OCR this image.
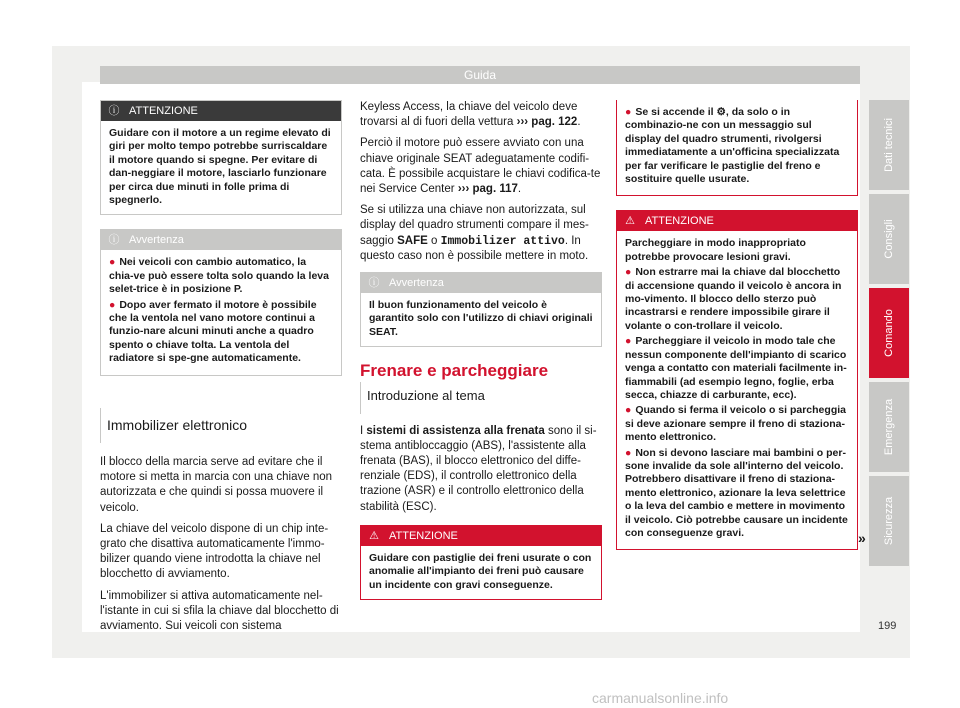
Guida
ⓘ ATTENZIONE
Guidare con il motore a un regime elevato di giri per molto tempo potrebbe surriscaldare il motore quando si spegne. Per evitare di dan-neggiare il motore, lasciarlo funzionare per circa due minuti in folle prima di spegnerlo.
ⓘ Avvertenza
● Nei veicoli con cambio automatico, la chia-ve può essere tolta solo quando la leva selet-trice è in posizione P.
● Dopo aver fermato il motore è possibile che la ventola nel vano motore continui a funzio-nare alcuni minuti anche a quadro spento o chiave tolta. La ventola del radiatore si spe-gne automaticamente.
Immobilizer elettronico

Il blocco della marcia serve ad evitare che il motore si metta in marcia con una chiave non autorizzata e che quindi si possa muovere il veicolo.

La chiave del veicolo dispone di un chip inte-grato che disattiva automaticamente l'immo-bilizer quando viene introdotta la chiave nel blocchetto di avviamento.

L'immobilizer si attiva automaticamente nel-l'istante in cui si sfila la chiave dal blocchetto di avviamento. Sui veicoli con sistema

Keyless Access, la chiave del veicolo deve trovarsi al di fuori della vettura ››› pag. 122.

Perciò il motore può essere avviato con una chiave originale SEAT adeguatamente codifi-cata. È possibile acquistare le chiavi codifica-te nei Service Center ››› pag. 117.

Se si utilizza una chiave non autorizzata, sul display del quadro strumenti compare il mes-saggio SAFE o Immobilizer attivo. In questo caso non è possibile mettere in moto.

ⓘ Avvertenza
Il buon funzionamento del veicolo è garantito solo con l'utilizzo di chiavi originali SEAT.
Frenare e parcheggiare
Introduzione al tema

I sistemi di assistenza alla frenata sono il si-stema antibloccaggio (ABS), l'assistente alla frenata (BAS), il blocco elettronico del diffe-renziale (EDS), il controllo elettronico della trazione (ASR) e il controllo elettronico della stabilità (ESC).

⚠ ATTENZIONE
Guidare con pastiglie dei freni usurate o con anomalie all'impianto dei freni può causare un incidente con gravi conseguenze.
● Se si accende il ⚙, da solo o in combinazio-ne con un messaggio sul display del quadro strumenti, rivolgersi immediatamente a un'officina specializzata per far verificare le pastiglie del freno e sostituire quelle usurate.
⚠ ATTENZIONE
Parcheggiare in modo inappropriato potrebbe provocare lesioni gravi.
● Non estrarre mai la chiave dal blocchetto di accensione quando il veicolo è ancora in mo-vimento. Il blocco dello sterzo può incastrarsi e rendere impossibile girare il volante o con-trollare il veicolo.
● Parcheggiare il veicolo in modo tale che nessun componente dell'impianto di scarico venga a contatto con materiali facilmente in-fiammabili (ad esempio legno, foglie, erba secca, chiazze di carburante, ecc).
● Quando si ferma il veicolo o si parcheggia si deve azionare sempre il freno di staziona-mento elettronico.
● Non si devono lasciare mai bambini o per-sone invalide da sole all'interno del veicolo. Potrebbero disattivare il freno di staziona-mento elettronico, azionare la leva selettrice o la leva del cambio e mettere in movimento il veicolo. Ciò potrebbe causare un incidente con conseguenze gravi.	»
Dati tecnici
Consigli
Comando
Emergenza
Sicurezza
199
carmanualsonline.info
